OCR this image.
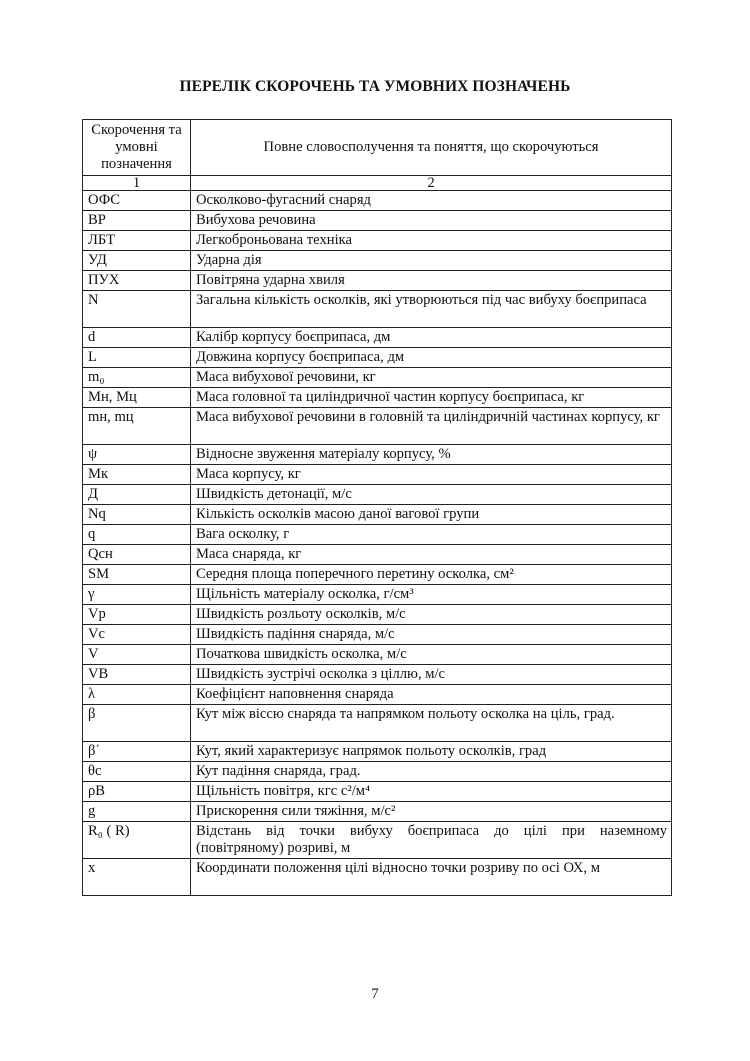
ПЕРЕЛІК СКОРОЧЕНЬ ТА УМОВНИХ ПОЗНАЧЕНЬ
Скорочення та умовні позначення	Повне словосполучення та поняття, що скорочуються
1	2
ОФС	Осколково-фугасний снаряд
ВР	Вибухова речовина
ЛБТ	Легкоброньована техніка
УД	Ударна дія
ПУХ	Повітряна ударна хвиля
N	Загальна кількість осколків, які утворюються під час вибуху боєприпаса
d	Калібр корпусу боєприпаса, дм
L	Довжина корпусу боєприпаса, дм
m₀	Маса вибухової речовини, кг
Мн, Мц	Маса головної та циліндричної частин корпусу боєприпаса, кг
mн, mц	Маса вибухової речовини в головній та циліндричній частинах корпусу, кг
ψ	Відносне звуження матеріалу корпусу, %
Мк	Маса корпусу, кг
Д	Швидкість детонації, м/с
Nq	Кількість осколків масою даної вагової групи
q	Вага осколку, г
Qсн	Маса снаряда, кг
SM	Середня площа поперечного перетину осколка, см²
γ	Щільність матеріалу осколка, г/см³
Vр	Швидкість розльоту осколків, м/с
Vс	Швидкість падіння снаряда, м/с
V	Початкова швидкість осколка, м/с
VВ	Швидкість зустрічі осколка з ціллю, м/с
λ	Коефіцієнт наповнення снаряда
β	Кут між віссю снаряда та напрямком польоту осколка на ціль, град.
β΄	Кут, який характеризує напрямок польоту осколків, град
θс	Кут падіння снаряда, град.
ρВ	Щільність повітря, кгс с²/м⁴
g	Прискорення сили тяжіння, м/с²
R₀ ( R)	Відстань від точки вибуху боєприпаса до цілі при наземному (повітряному) розриві, м
x	Координати положення цілі відносно точки розриву по осі ОХ, м
7
